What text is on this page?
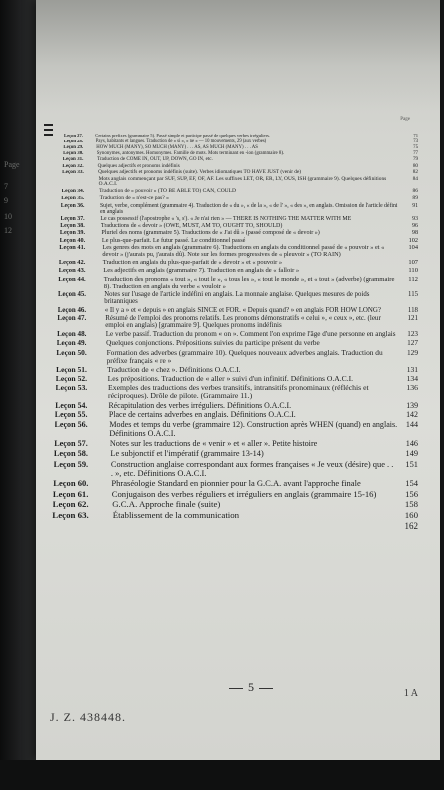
Page
7
9
10
12
Page
Leçon 27.	Certains prefixes (grammaire 5). Passé simple et participe passé de quelques verbes irréguliers.	71
Leçon 28.	Pays, habitants et langues. Traduction de « si », « ne » — 10 mouvements, 29 (aux verbes)	73
Leçon 29.	HOW MUCH (MANY), SO MUCH (MANY) . . . AS, AS MUCH (MANY) . . . AS	75
Leçon 30.	Synonymes, antonymes. Homonymes. Famille de mots. Mots terminant en -ion (grammaire 8).	77
Leçon 31.	Traduction de COME IN, OUT, UP, DOWN, GO IN, etc.	79
Leçon 32.	Quelques adjectifs et pronoms indéfinis	80
Leçon 33.	Quelques adjectifs et pronoms indéfinis (suite). Verbes idiomatiques TO HAVE JUST (venir de)	82
Mots anglais commençant par SUF, SUP, EF, OF, AF. Les suffixes LET, OR, ER, LY, OUS, ISH (grammaire 9). Quelques définitions O.A.C.I.
84
Leçon 34.	Traduction de « pouvoir » (TO BE ABLE TO) CAN, COULD	86
Leçon 35.	Traduction de « n'est-ce pas? »	89
Leçon 36.	Sujet, verbe, complément (grammaire 4). Traduction de « du », « de la », « de l' », « des », en anglais. Omission de l'article défini en anglais
91
Leçon 37.	Le cas possessif (l'apostrophe « 's, s'). « Je n'ai rien » — THERE IS NOTHING THE MATTER WITH ME	93
Leçon 38.	Traductions de « devoir » (OWE, MUST, AM TO, OUGHT TO, SHOULD)	96
Leçon 39.	Pluriel des noms (grammaire 5). Traductions de « J'ai dû » (passé composé de « devoir »)	98
Leçon 40.	Le plus-que-parfait. Le futur passé. Le conditionnel passé	102
Leçon 41.	Les genres des mots en anglais (grammaire 6). Traductions en anglais du conditionnel passé de « pouvoir » et « devoir » (j'aurais pu, j'aurais dû). Note sur les formes progressives de « pleuvoir » (TO RAIN)
104
Leçon 42.	Traduction en anglais du plus-que-parfait de « devoir » et « pouvoir »	107
Leçon 43.	Les adjectifs en anglais (grammaire 7). Traduction en anglais de « falloir »	110
Leçon 44.	Traduction des pronoms « tout », « tout le », « tous les », « tout le monde », et « tout » (adverbe) (grammaire 8). Traduction en anglais du verbe « vouloir »
112
Leçon 45.	Notes sur l'usage de l'article indéfini en anglais. La monnaie anglaise. Quelques mesures de poids britanniques
115
Leçon 46.	« Il y a » et « depuis » en anglais SINCE et FOR. « Depuis quand? » en anglais FOR HOW LONG?	118
Leçon 47.	Résumé de l'emploi des pronoms relatifs. Les pronoms démonstratifs « celui », « ceux », etc. (leur emploi en anglais) [grammaire 9]. Quelques pronoms indéfinis
121
Leçon 48.	Le verbe passif. Traduction du pronom « on ». Comment l'on exprime l'âge d'une personne en anglais	123
Leçon 49.	Quelques conjonctions. Prépositions suivies du participe présent du verbe	127
Leçon 50.	Formation des adverbes (grammaire 10). Quelques nouveaux adverbes anglais. Traduction du préfixe français « re »
129
Leçon 51.	Traduction de « chez ». Définitions O.A.C.I.	131
Leçon 52.	Les prépositions. Traduction de « aller » suivi d'un infinitif. Définitions O.A.C.I.	134
Leçon 53.	Exemples des traductions des verbes transitifs, intransitifs pronominaux (réfléchis et réciproques). Drôle de pilote. (Grammaire 11.)
136
Leçon 54.	Récapitulation des verbes irréguliers. Définitions O.A.C.I.	139
Leçon 55.	Place de certains adverbes en anglais. Définitions O.A.C.I.	142
Leçon 56.	Modes et temps du verbe (grammaire 12). Construction après WHEN (quand) en anglais. Définitions O.A.C.I.
144
Leçon 57.	Notes sur les traductions de « venir » et « aller ». Petite histoire	146
Leçon 58.	Le subjonctif et l'impératif (grammaire 13-14)	149
Leçon 59.	Construction anglaise correspondant aux formes françaises « Je veux (désire) que . . . », etc. Définitions O.A.C.I.
151
Leçon 60.	Phraséologie Standard en pionnier pour la G.C.A. avant l'approche finale	154
Leçon 61.	Conjugaison des verbes réguliers et irréguliers en anglais (grammaire 15-16)	156
Leçon 62.	G.C.A. Approche finale (suite)	158
Leçon 63.	Établissement de la communication	160
162
5	1 A
J. Z. 438448.
